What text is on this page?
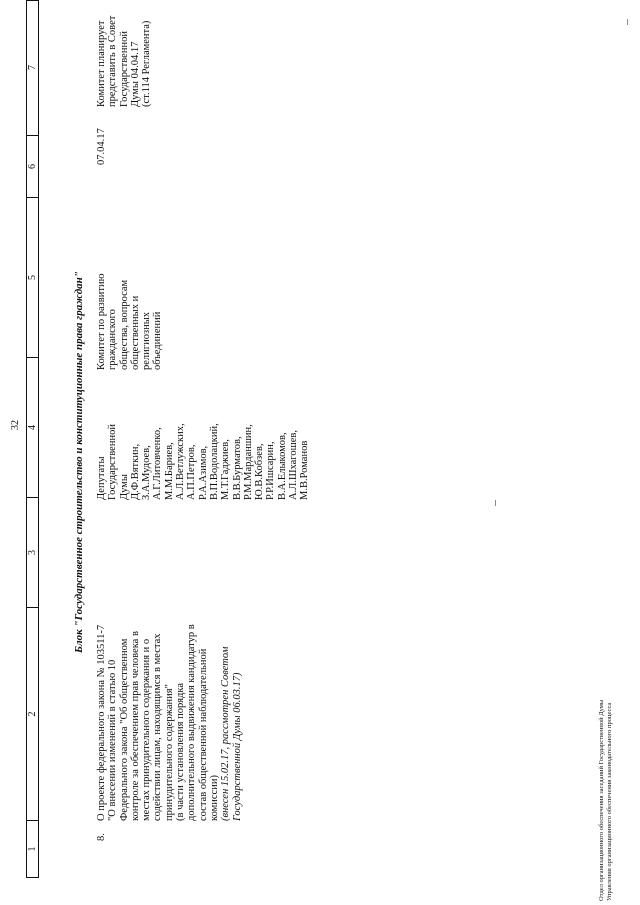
32
1
2
3
4
5
6
7
Блок "Государственное строительство и конституционные права граждан"
8.
О проекте федерального закона № 103511-7 "О внесении изменений в статью 10 Федерального закона "Об общественном контроле за обеспечением прав человека в местах принудительного содержания и о содействии лицам, находящимся в местах принудительного содержания" (в части установления порядка дополнительного выдвижения кандидатур в состав общественной наблюдательной комиссии) (внесен 15.02.17, рассмотрен Советом Государственной Думы 06.03.17)
Депутаты Государственной Думы Д.Ф.Вяткин, З.А.Мудоев, А.Г.Литовченко, М.М.Бариев, А.Л.Ветлужских, А.П.Петров, Р.А.Азимов, В.П.Водолацкий, М.Т.Гаджиев, В.В.Бурматов, Р.М.Марданшин, Ю.В.Кобзев, Р.Р.Ишсарин, В.А.Елыкомов, А.Л.Шхагошев, М.В.Романов
Комитет по развитию гражданского общества, вопросам общественных и религиозных объединений
07.04.17
Комитет планирует представить в Совет Государственной Думы 04.04.17 (ст.114 Регламента)
Отдел организационного обеспечения заседаний Государственной Думы Управления организационного обеспечения законодательного процесса
